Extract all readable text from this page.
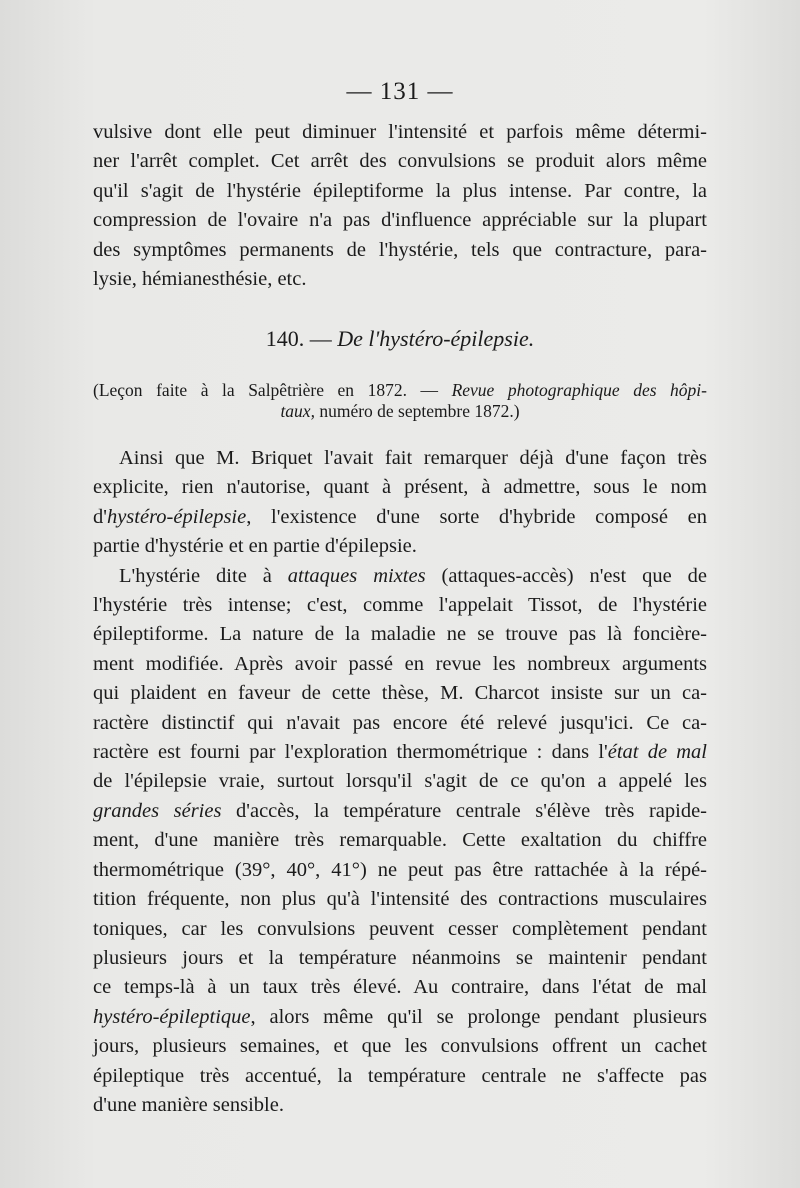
— 131 —

vulsive dont elle peut diminuer l'intensité et parfois même détermi-
ner l'arrêt complet. Cet arrêt des convulsions se produit alors même
qu'il s'agit de l'hystérie épileptiforme la plus intense. Par contre, la
compression de l'ovaire n'a pas d'influence appréciable sur la plupart
des symptômes permanents de l'hystérie, tels que contracture, para-
lysie, hémianesthésie, etc.

140. — De l'hystéro-épilepsie.
(Leçon faite à la Salpêtrière en 1872. — Revue photographique des hôpi-
taux, numéro de septembre 1872.)

Ainsi que M. Briquet l'avait fait remarquer déjà d'une façon très
explicite, rien n'autorise, quant à présent, à admettre, sous le nom
d'hystéro-épilepsie, l'existence d'une sorte d'hybride composé en
partie d'hystérie et en partie d'épilepsie.

L'hystérie dite à attaques mixtes (attaques-accès) n'est que de
l'hystérie très intense; c'est, comme l'appelait Tissot, de l'hystérie
épileptiforme. La nature de la maladie ne se trouve pas là foncière-
ment modifiée. Après avoir passé en revue les nombreux arguments
qui plaident en faveur de cette thèse, M. Charcot insiste sur un ca-
ractère distinctif qui n'avait pas encore été relevé jusqu'ici. Ce ca-
ractère est fourni par l'exploration thermométrique : dans l'état de mal
de l'épilepsie vraie, surtout lorsqu'il s'agit de ce qu'on a appelé les
grandes séries d'accès, la température centrale s'élève très rapide-
ment, d'une manière très remarquable. Cette exaltation du chiffre
thermométrique (39°, 40°, 41°) ne peut pas être rattachée à la répé-
tition fréquente, non plus qu'à l'intensité des contractions musculaires
toniques, car les convulsions peuvent cesser complètement pendant
plusieurs jours et la température néanmoins se maintenir pendant
ce temps-là à un taux très élevé. Au contraire, dans l'état de mal
hystéro-épileptique, alors même qu'il se prolonge pendant plusieurs
jours, plusieurs semaines, et que les convulsions offrent un cachet
épileptique très accentué, la température centrale ne s'affecte pas
d'une manière sensible.
